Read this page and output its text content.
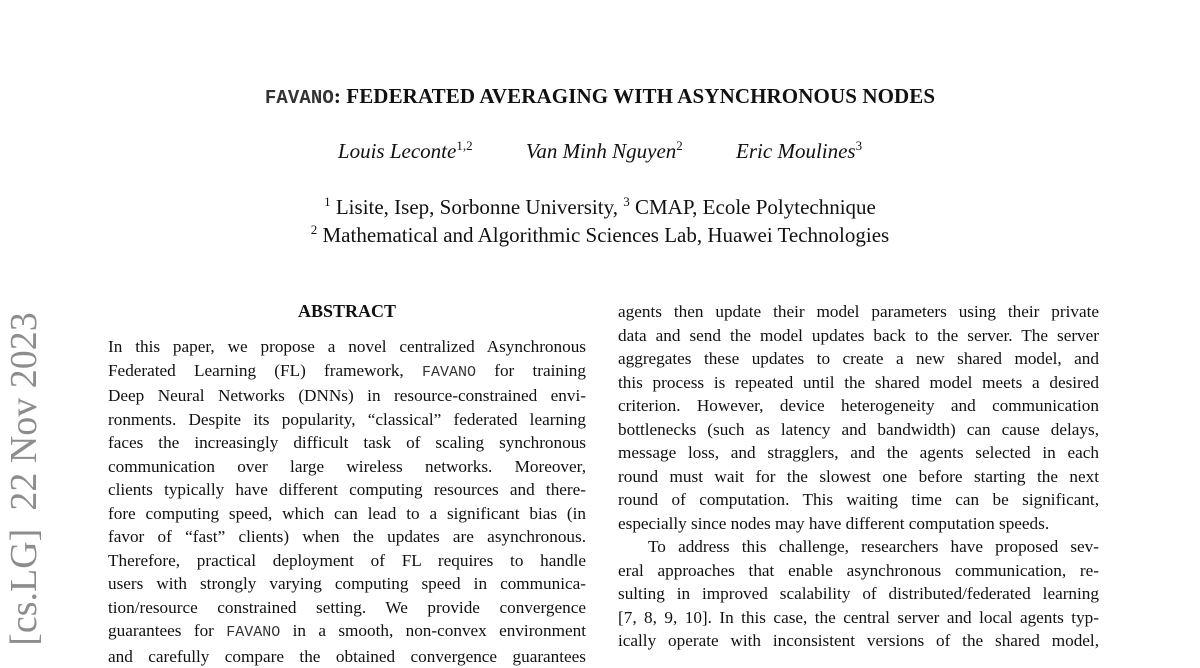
[cs.LG]
22 Nov 2023
FAVANO: FEDERATED AVERAGING WITH ASYNCHRONOUS NODES
Louis Leconte$^{1,2}$	Van Minh Nguyen$^2$	Eric Moulines$^3$
$^1$ Lisite, Isep, Sorbonne University, $^3$ CMAP, Ecole Polytechnique
$^2$ Mathematical and Algorithmic Sciences Lab, Huawei Technologies
ABSTRACT
In this paper, we propose a novel centralized Asynchronous
Federated Learning (FL) framework, FAVANO for training
Deep Neural Networks (DNNs) in resource-constrained envi-
ronments. Despite its popularity, “classical” federated learning
faces the increasingly difficult task of scaling synchronous
communication over large wireless networks. Moreover,
clients typically have different computing resources and there-
fore computing speed, which can lead to a significant bias (in
favor of “fast” clients) when the updates are asynchronous.
Therefore, practical deployment of FL requires to handle
users with strongly varying computing speed in communica-
tion/resource constrained setting. We provide convergence
guarantees for FAVANO in a smooth, non-convex environment
and carefully compare the obtained convergence guarantees
agents then update their model parameters using their private
data and send the model updates back to the server. The server
aggregates these updates to create a new shared model, and
this process is repeated until the shared model meets a desired
criterion. However, device heterogeneity and communication
bottlenecks (such as latency and bandwidth) can cause delays,
message loss, and stragglers, and the agents selected in each
round must wait for the slowest one before starting the next
round of computation. This waiting time can be significant,
especially since nodes may have different computation speeds.
To address this challenge, researchers have proposed sev-
eral approaches that enable asynchronous communication, re-
sulting in improved scalability of distributed/federated learning
[7, 8, 9, 10]. In this case, the central server and local agents typ-
ically operate with inconsistent versions of the shared model,
